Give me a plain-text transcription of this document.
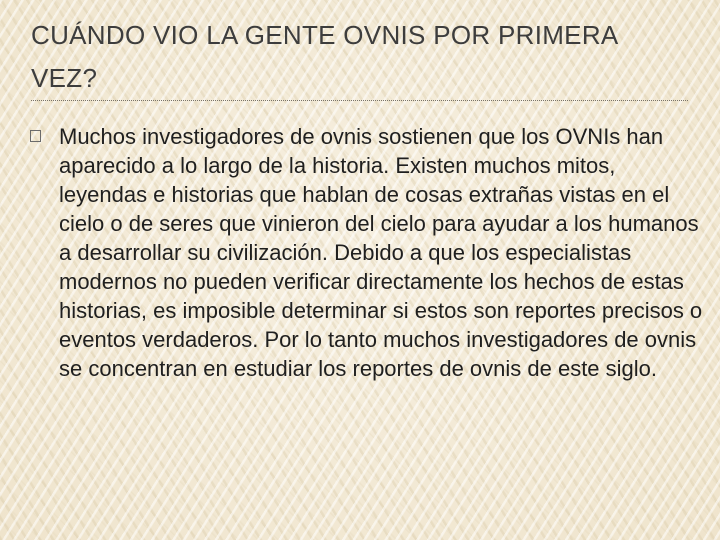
CUÁNDO VIO LA GENTE OVNIS POR PRIMERA VEZ?

Muchos investigadores de ovnis sostienen que los OVNIs han aparecido a lo largo de la historia. Existen muchos mitos, leyendas e historias que hablan de cosas extrañas vistas en el cielo o de seres que vinieron del cielo para ayudar a los humanos a desarrollar su civilización. Debido a que los especialistas modernos no pueden verificar directamente los hechos de estas historias, es imposible determinar si estos son reportes precisos o eventos verdaderos. Por lo tanto muchos investigadores de ovnis se concentran en estudiar los reportes de ovnis de este siglo.
